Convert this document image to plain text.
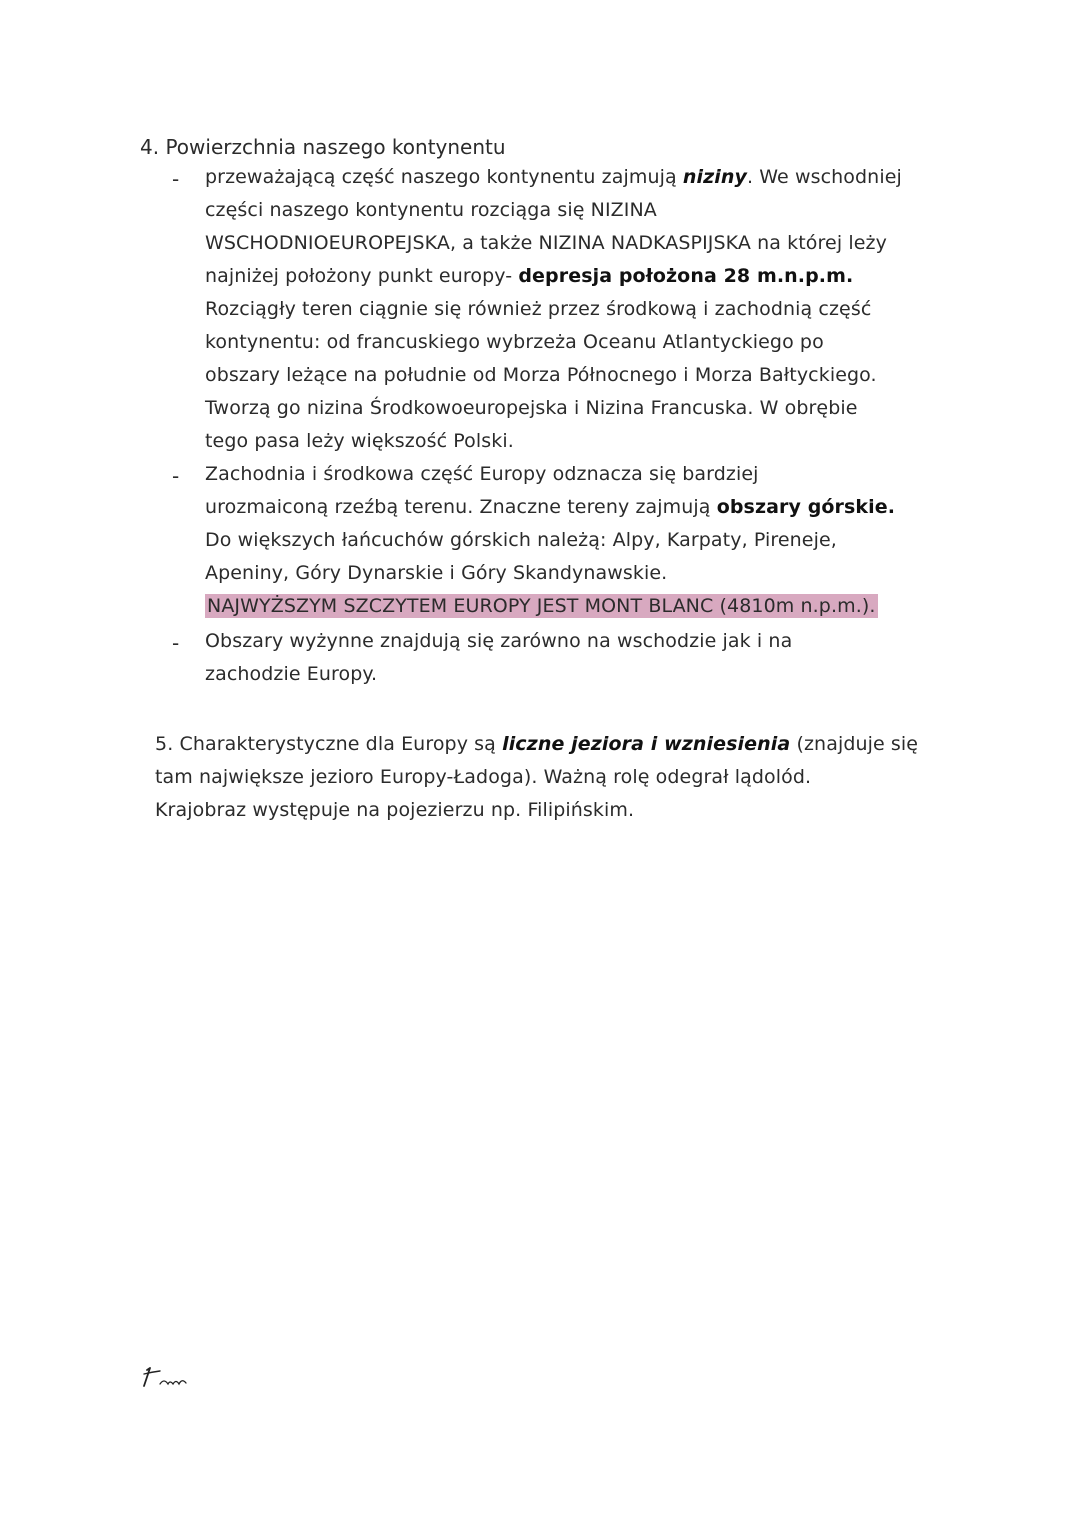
4. Powierzchnia naszego kontynentu
- przeważającą część naszego kontynentu zajmują niziny. We wschodniej
części naszego kontynentu rozciąga się NIZINA
WSCHODNIOEUROPEJSKA, a także NIZINA NADKASPIJSKA na której leży
najniżej położony punkt europy- depresja położona 28 m.n.p.m.
Rozciągły teren ciągnie się również przez środkową i zachodnią część
kontynentu: od francuskiego wybrzeża Oceanu Atlantyckiego po
obszary leżące na południe od Morza Północnego i Morza Bałtyckiego.
Tworzą go nizina Środkowoeuropejska i Nizina Francuska. W obrębie
tego pasa leży większość Polski.
- Zachodnia i środkowa część Europy odznacza się bardziej
urozmaiconą rzeźbą terenu. Znaczne tereny zajmują obszary górskie.
Do większych łańcuchów górskich należą: Alpy, Karpaty, Pireneje,
Apeniny, Góry Dynarskie i Góry Skandynawskie.
NAJWYŻSZYM SZCZYTEM EUROPY JEST MONT BLANC (4810m n.p.m.).
- Obszary wyżynne znajdują się zarówno na wschodzie jak i na
zachodzie Europy.
5. Charakterystyczne dla Europy są liczne jeziora i wzniesienia (znajduje się
tam największe jezioro Europy-Ładoga). Ważną rolę odegrał lądolód.
Krajobraz występuje na pojezierzu np. Filipińskim.
